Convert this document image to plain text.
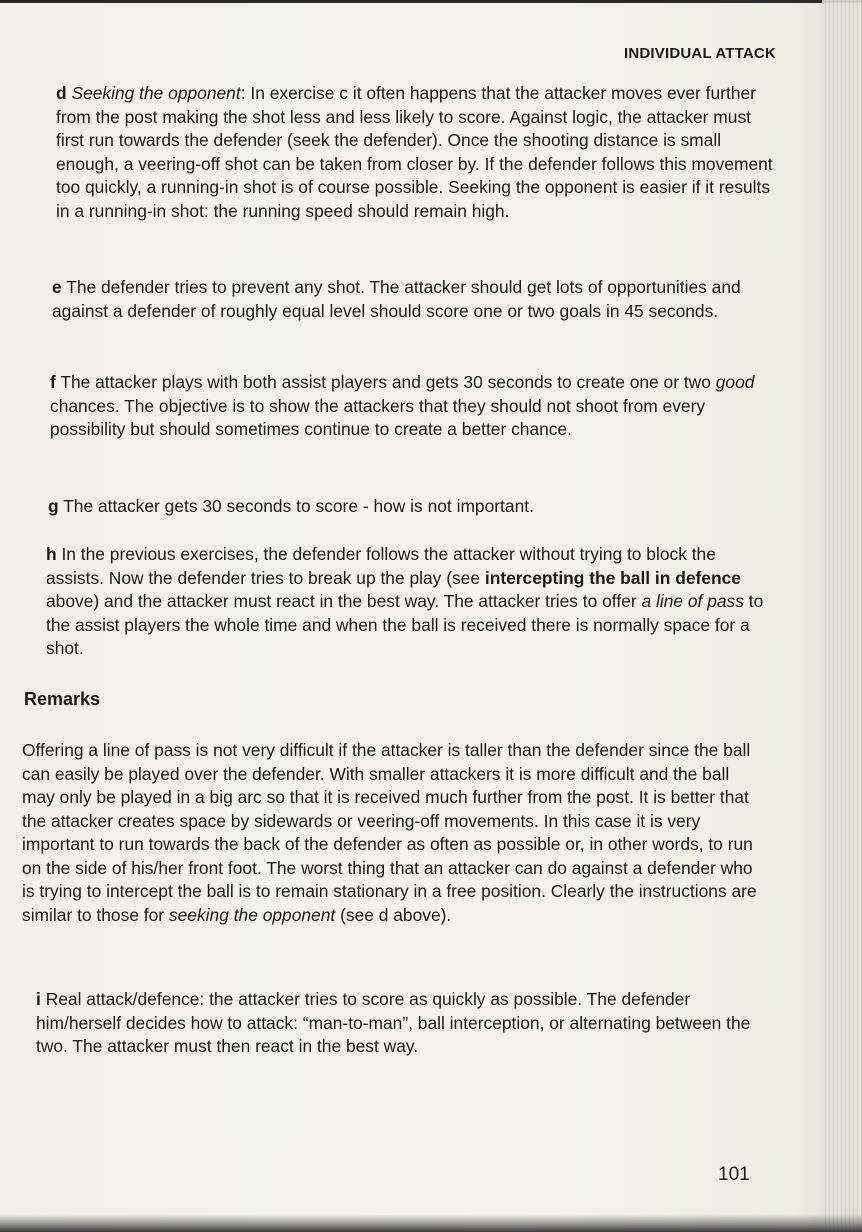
INDIVIDUAL ATTACK

d Seeking the opponent: In exercise c it often happens that the attacker moves ever further from the post making the shot less and less likely to score. Against logic, the attacker must first run towards the defender (seek the defender). Once the shooting distance is small enough, a veering-off shot can be taken from closer by. If the defender follows this movement too quickly, a running-in shot is of course possible. Seeking the opponent is easier if it results in a running-in shot: the running speed should remain high.

e The defender tries to prevent any shot. The attacker should get lots of opportunities and against a defender of roughly equal level should score one or two goals in 45 seconds.

f The attacker plays with both assist players and gets 30 seconds to create one or two good chances. The objective is to show the attackers that they should not shoot from every possibility but should sometimes continue to create a better chance.

g The attacker gets 30 seconds to score - how is not important.

h In the previous exercises, the defender follows the attacker without trying to block the assists. Now the defender tries to break up the play (see intercepting the ball in defence above) and the attacker must react in the best way. The attacker tries to offer a line of pass to the assist players the whole time and when the ball is received there is normally space for a shot.

Remarks

Offering a line of pass is not very difficult if the attacker is taller than the defender since the ball can easily be played over the defender. With smaller attackers it is more difficult and the ball may only be played in a big arc so that it is received much further from the post. It is better that the attacker creates space by sidewards or veering-off movements. In this case it is very important to run towards the back of the defender as often as possible or, in other words, to run on the side of his/her front foot. The worst thing that an attacker can do against a defender who is trying to intercept the ball is to remain stationary in a free position. Clearly the instructions are similar to those for seeking the opponent (see d above).

i Real attack/defence: the attacker tries to score as quickly as possible. The defender him/herself decides how to attack: “man-to-man”, ball interception, or alternating between the two. The attacker must then react in the best way.

101
